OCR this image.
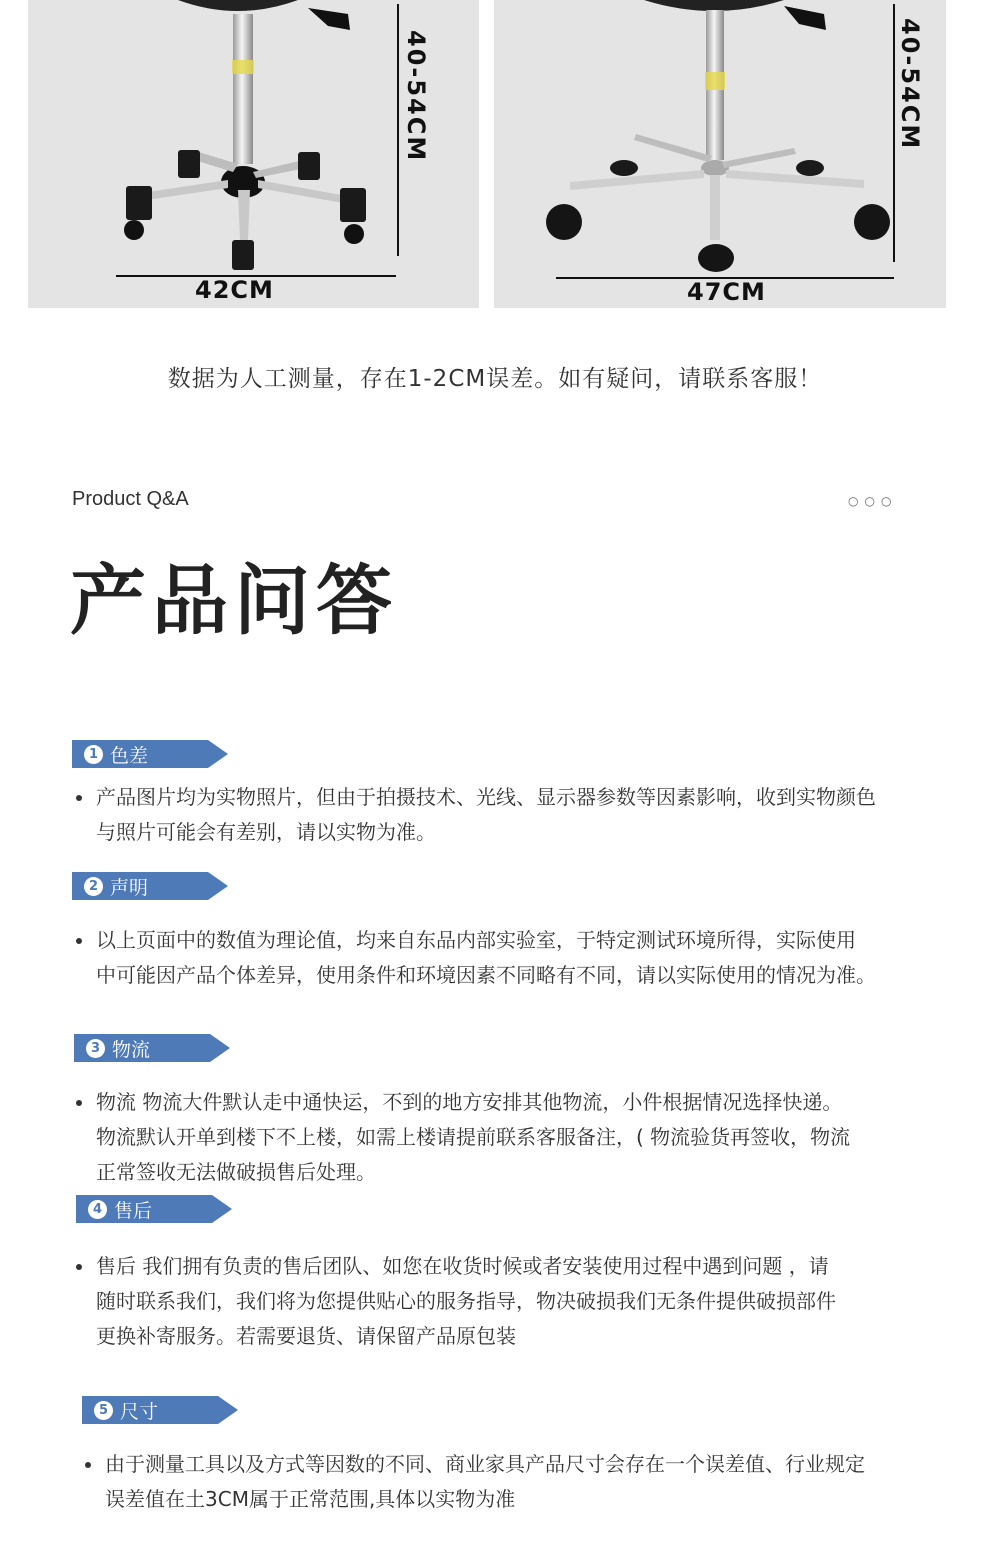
42CM
40-54CM
47CM
40-54CM
数据为人工测量，存在1-2CM误差。如有疑问，请联系客服！
Product Q&A	○○○
产品问答
1 色差

产品图片均为实物照片，但由于拍摄技术、光线、显示器参数等因素影响，收到实物颜色

与照片可能会有差别，请以实物为准。

2 声明

以上页面中的数值为理论值，均来自东品内部实验室，于特定测试环境所得，实际使用

中可能因产品个体差异，使用条件和环境因素不同略有不同，请以实际使用的情况为准。

3 物流

物流 物流大件默认走中通快运，不到的地方安排其他物流，小件根据情况选择快递。

物流默认开单到楼下不上楼，如需上楼请提前联系客服备注，( 物流验货再签收，物流

正常签收无法做破损售后处理。

4 售后

售后 我们拥有负责的售后团队、如您在收货时候或者安装使用过程中遇到问题 ，请

随时联系我们，我们将为您提供贴心的服务指导，物决破损我们无条件提供破损部件

更换补寄服务。若需要退货、请保留产品原包装

5 尺寸

由于测量工具以及方式等因数的不同、商业家具产品尺寸会存在一个误差值、行业规定

误差值在土3CM属于正常范围,具体以实物为准
